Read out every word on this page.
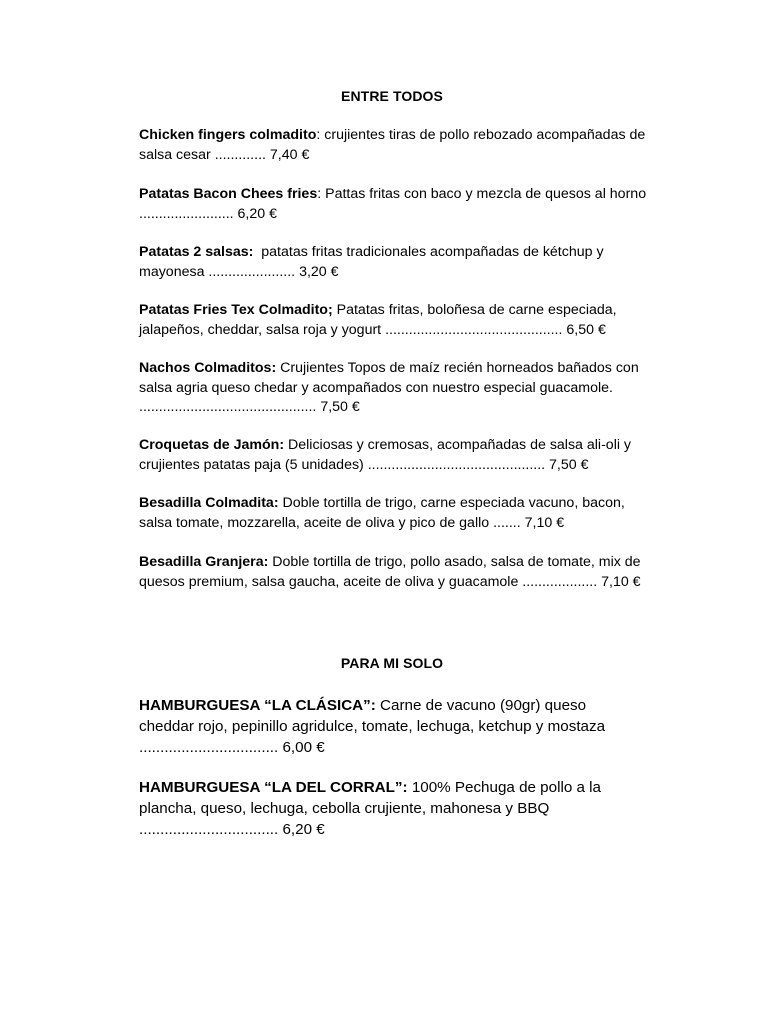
ENTRE TODOS
Chicken fingers colmadito: crujientes tiras de pollo rebozado acompañadas de salsa cesar ............. 7,40 €
Patatas Bacon Chees fries: Pattas fritas con baco y mezcla de quesos al horno ........................ 6,20 €
Patatas 2 salsas: patatas fritas tradicionales acompañadas de kétchup y mayonesa ...................... 3,20 €
Patatas Fries Tex Colmadito; Patatas fritas, boloñesa de carne especiada, jalapeños, cheddar, salsa roja y yogurt ............................................. 6,50 €
Nachos Colmaditos: Crujientes Topos de maíz recién horneados bañados con salsa agria queso chedar y acompañados con nuestro especial guacamole. ............................................. 7,50 €
Croquetas de Jamón: Deliciosas y cremosas, acompañadas de salsa ali-oli y crujientes patatas paja (5 unidades) ............................................. 7,50 €
Besadilla Colmadita: Doble tortilla de trigo, carne especiada vacuno, bacon, salsa tomate, mozzarella, aceite de oliva y pico de gallo ....... 7,10 €
Besadilla Granjera: Doble tortilla de trigo, pollo asado, salsa de tomate, mix de quesos premium, salsa gaucha, aceite de oliva y guacamole ................... 7,10 €
PARA MI SOLO
HAMBURGUESA “LA CLÁSICA”: Carne de vacuno (90gr) queso cheddar rojo, pepinillo agridulce, tomate, lechuga, ketchup y mostaza ................................. 6,00 €
HAMBURGUESA “LA DEL CORRAL”: 100% Pechuga de pollo a la plancha, queso, lechuga, cebolla crujiente, mahonesa y BBQ ................................. 6,20 €
